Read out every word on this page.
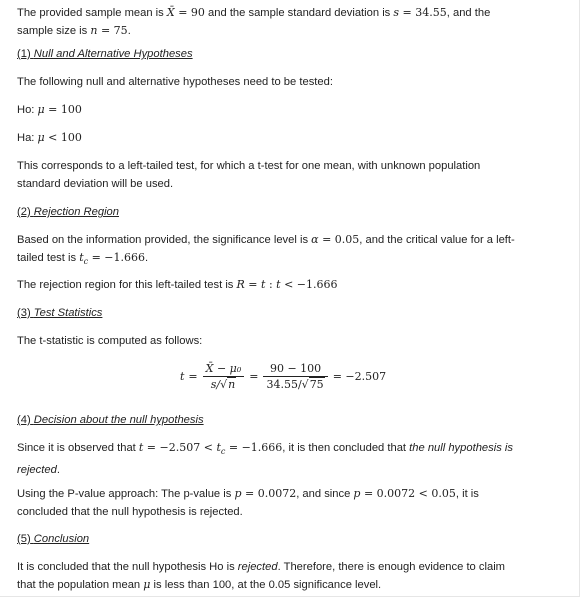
The provided sample mean is X̄ = 90 and the sample standard deviation is s = 34.55, and the
sample size is n = 75.

(1) Null and Alternative Hypotheses

The following null and alternative hypotheses need to be tested:

Ho: μ = 100

Ha: μ < 100

This corresponds to a left-tailed test, for which a t-test for one mean, with unknown population
standard deviation will be used.

(2) Rejection Region

Based on the information provided, the significance level is α = 0.05, and the critical value for a left-
tailed test is $t_c = -1.666$.

The rejection region for this left-tailed test is R = t : t < −1.666

(3) Test Statistics

The t-statistic is computed as follows:

$t = \frac{\text{X̄ − μ₀}}{s/√n} = \frac{90 - 100}{34.55/√75} = -2.507$

(4) Decision about the null hypothesis

Since it is observed that $t = -2.507 < t_c = -1.666$, it is then concluded that the null hypothesis is
rejected.

Using the P-value approach: The p-value is p = 0.0072, and since p = 0.0072 < 0.05, it is
concluded that the null hypothesis is rejected.

(5) Conclusion

It is concluded that the null hypothesis Ho is rejected. Therefore, there is enough evidence to claim
that the population mean μ is less than 100, at the 0.05 significance level.
